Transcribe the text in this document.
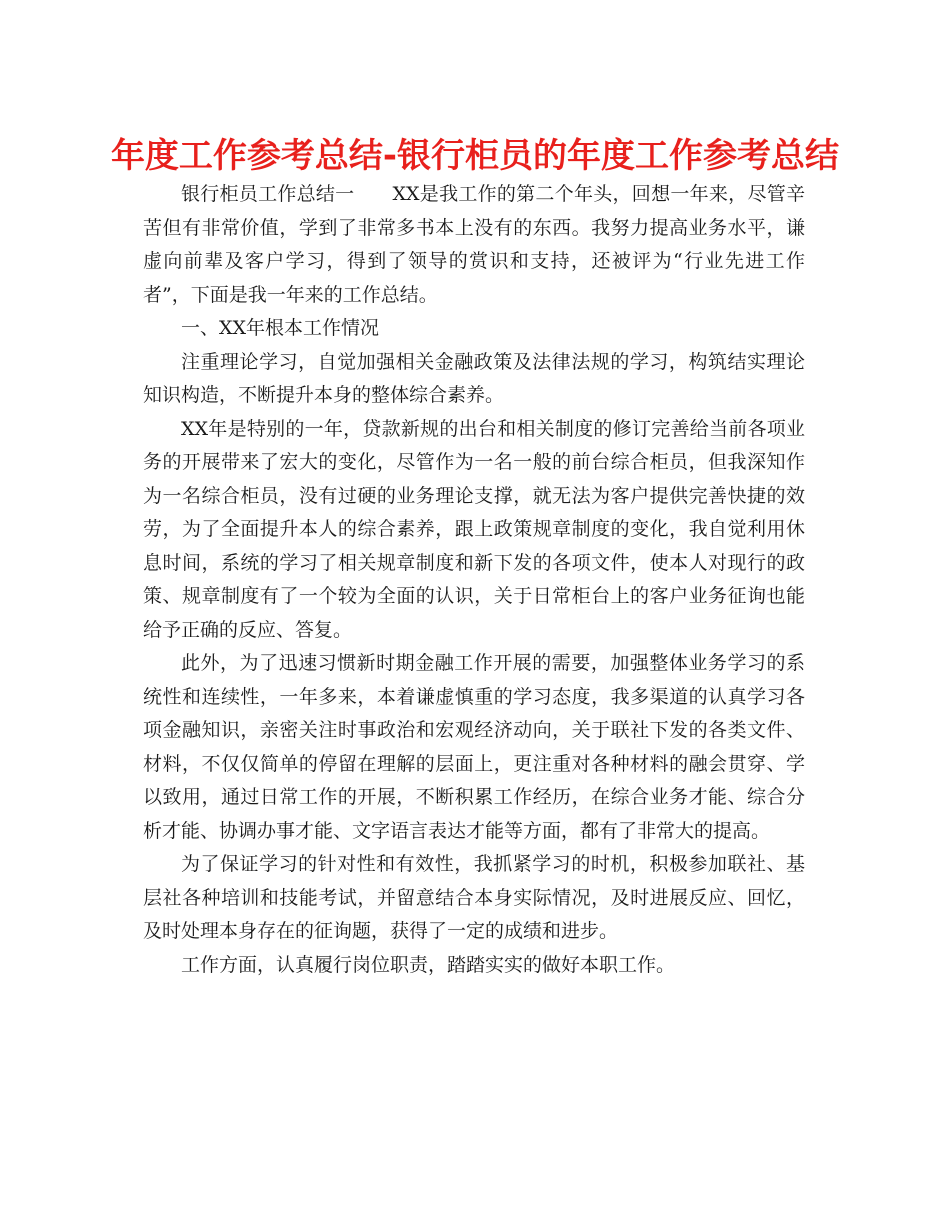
年度工作参考总结-银行柜员的年度工作参考总结

银行柜员工作总结一 XX是我工作的第二个年头，回想一年来，尽管辛苦但有非常价值，学到了非常多书本上没有的东西。我努力提高业务水平，谦虚向前辈及客户学习，得到了领导的赏识和支持，还被评为“行业先进工作者”，下面是我一年来的工作总结。

一、XX年根本工作情况

注重理论学习，自觉加强相关金融政策及法律法规的学习，构筑结实理论知识构造，不断提升本身的整体综合素养。

XX年是特别的一年，贷款新规的出台和相关制度的修订完善给当前各项业务的开展带来了宏大的变化，尽管作为一名一般的前台综合柜员，但我深知作为一名综合柜员，没有过硬的业务理论支撑，就无法为客户提供完善快捷的效劳，为了全面提升本人的综合素养，跟上政策规章制度的变化，我自觉利用休息时间，系统的学习了相关规章制度和新下发的各项文件，使本人对现行的政策、规章制度有了一个较为全面的认识，关于日常柜台上的客户业务征询也能给予正确的反应、答复。

此外，为了迅速习惯新时期金融工作开展的需要，加强整体业务学习的系统性和连续性，一年多来，本着谦虚慎重的学习态度，我多渠道的认真学习各项金融知识，亲密关注时事政治和宏观经济动向，关于联社下发的各类文件、材料，不仅仅简单的停留在理解的层面上，更注重对各种材料的融会贯穿、学以致用，通过日常工作的开展，不断积累工作经历，在综合业务才能、综合分析才能、协调办事才能、文字语言表达才能等方面，都有了非常大的提高。

为了保证学习的针对性和有效性，我抓紧学习的时机，积极参加联社、基层社各种培训和技能考试，并留意结合本身实际情况，及时进展反应、回忆，及时处理本身存在的征询题，获得了一定的成绩和进步。

工作方面，认真履行岗位职责，踏踏实实的做好本职工作。
